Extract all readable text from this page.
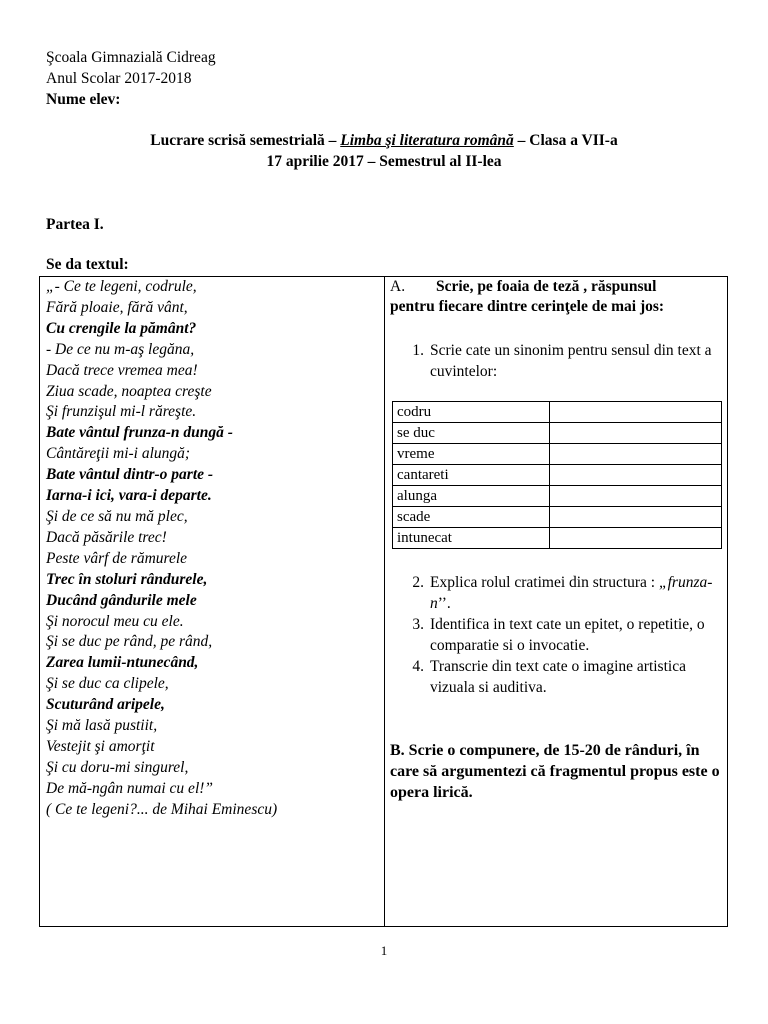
Şcoala Gimnazială Cidreag
Anul Scolar 2017-2018
Nume elev:
Lucrare scrisă semestrială – Limba şi literatura română – Clasa a VII-a
17 aprilie 2017 – Semestrul al II-lea
Partea I.
Se da textul:
„- Ce te legeni, codrule,
Fără ploaie, fără vânt,
Cu crengile la pământ?
- De ce nu m-aş legăna,
Dacă trece vremea mea!
Ziua scade, noaptea creşte
Şi frunzişul mi-l răreşte.
Bate vântul frunza-n dungă -
Cântăreţii mi-i alungă;
Bate vântul dintr-o parte -
Iarna-i ici, vara-i departe.
Şi de ce să nu mă plec,
Dacă păsările trec!
Peste vârf de rămurele
Trec în stoluri rândurele,
Ducând gândurile mele
Şi norocul meu cu ele.
Şi se duc pe rând, pe rând,
Zarea lumii-ntunecând,
Şi se duc ca clipele,
Scuturând aripele,
Şi mă lasă pustiit,
Vestejit şi amorţit
Şi cu doru-mi singurel,
De mă-ngân numai cu el!”
( Ce te legeni?... de Mihai Eminescu)
A. Scrie, pe foaia de teză , răspunsul
pentru fiecare dintre cerinţele de mai jos:
1. Scrie cate un sinonim pentru sensul din text a cuvintelor:
codru	
se duc	
vreme	
cantareti	
alunga	
scade	
intunecat	
2. Explica rolul cratimei din structura : „frunza-n’’.
3. Identifica in text cate un epitet, o repetitie, o comparatie si o invocatie.
4. Transcrie din text cate o imagine artistica vizuala si auditiva.
B. Scrie o compunere, de 15-20 de rânduri, în care să argumentezi că fragmentul propus este o opera lirică.
1
